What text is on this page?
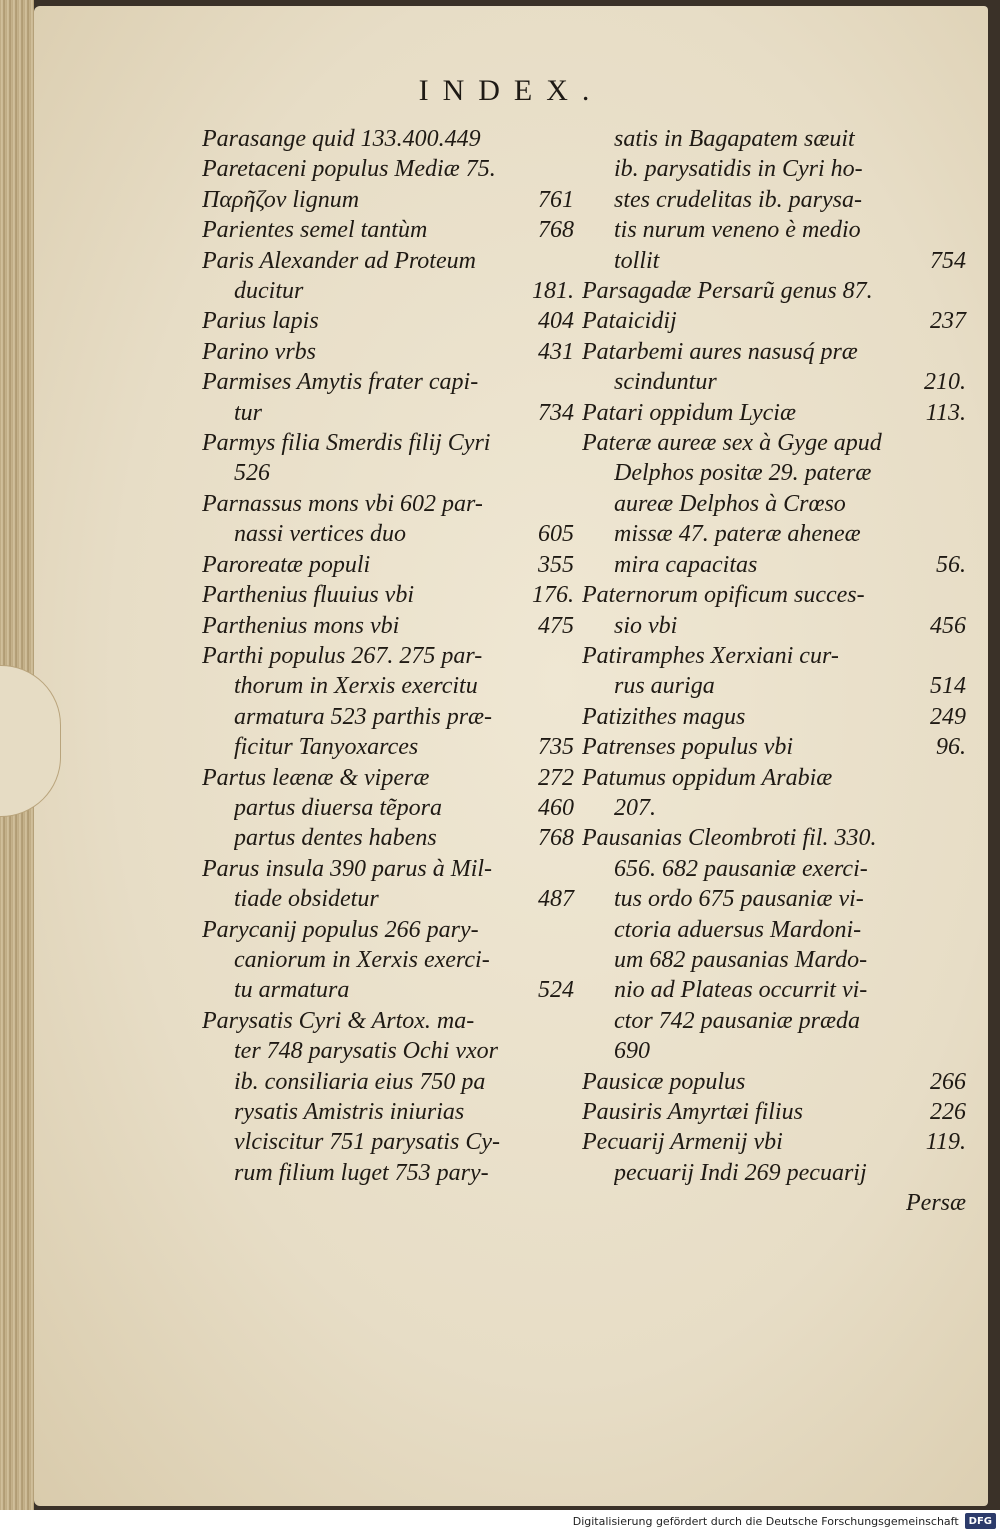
INDEX.
Parasange quid 133.400.449
Paretaceni populus Mediæ 75.
Παρῆζον lignum	761
Parientes semel tantùm	768
Paris Alexander ad Proteum
ducitur	181.
Parius lapis	404
Parino vrbs	431
Parmises Amytis frater capi-
tur	734
Parmys filia Smerdis filij Cyri
526
Parnassus mons vbi 602 par-
nassi vertices duo	605
Paroreatæ populi	355
Parthenius fluuius vbi	176.
Parthenius mons vbi	475
Parthi populus 267. 275 par-
thorum in Xerxis exercitu
armatura 523 parthis præ-
ficitur Tanyoxarces	735
Partus leænæ & viperæ	272
partus diuersa tẽpora	460
partus dentes habens	768
Parus insula 390 parus à Mil-
tiade obsidetur	487
Parycanij populus 266 pary-
caniorum in Xerxis exerci-
tu armatura	524
Parysatis Cyri & Artox. ma-
ter 748 parysatis Ochi vxor
ib. consiliaria eius 750 pa
rysatis Amistris iniurias
vlciscitur 751 parysatis Cy-
rum filium luget 753 pary-
satis in Bagapatem sæuit
ib. parysatidis in Cyri ho-
stes crudelitas ib. parysa-
tis nurum veneno è medio
tollit	754
Parsagadæ Persarũ genus 87.
Pataicidij	237
Patarbemi aures nasusq́ præ
scinduntur	210.
Patari oppidum Lyciæ	113.
Pateræ aureæ sex à Gyge apud
Delphos positæ 29. pateræ
aureæ Delphos à Crœso
missæ 47. pateræ aheneæ
mira capacitas	56.
Paternorum opificum succes-
sio vbi	456
Patiramphes Xerxiani cur-
rus auriga	514
Patizithes magus	249
Patrenses populus vbi	96.
Patumus oppidum Arabiæ
207.
Pausanias Cleombroti fil. 330.
656. 682 pausaniæ exerci-
tus ordo 675 pausaniæ vi-
ctoria aduersus Mardoni-
um 682 pausanias Mardo-
nio ad Plateas occurrit vi-
ctor 742 pausaniæ præda
690
Pausicæ populus	266
Pausiris Amyrtæi filius	226
Pecuarij Armenij vbi	119.
pecuarij Indi 269 pecuarij
Persæ
Digitalisierung gefördert durch die Deutsche Forschungsgemeinschaft	DFG
